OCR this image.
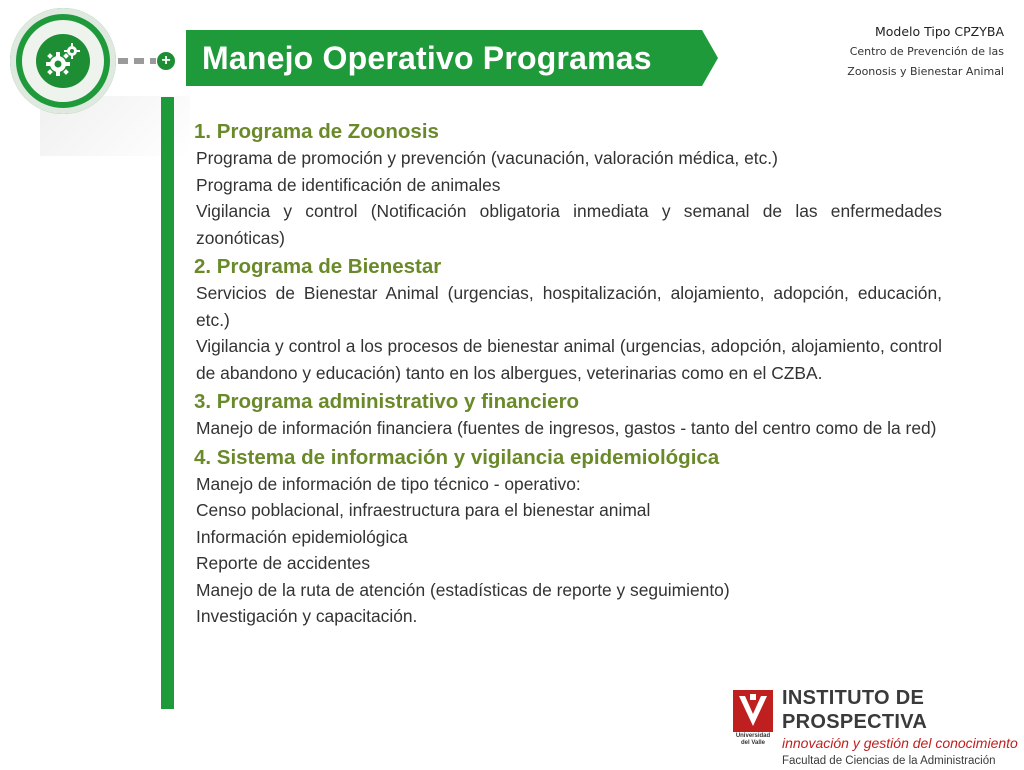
+ Manejo Operativo Programas
Modelo Tipo CPZYBA
Centro de Prevención de las
Zoonosis y Bienestar Animal
1. Programa de Zoonosis
Programa de promoción y prevención (vacunación, valoración médica, etc.)
Programa de identificación de animales
Vigilancia y control (Notificación obligatoria inmediata y semanal de las enfermedades zoonóticas)
2. Programa de Bienestar
Servicios de Bienestar Animal (urgencias, hospitalización, alojamiento, adopción, educación, etc.)
Vigilancia y control a los procesos de bienestar animal (urgencias, adopción, alojamiento, control de abandono y educación) tanto en los albergues, veterinarias como en el CZBA.
3. Programa administrativo y financiero
Manejo de información financiera (fuentes de ingresos, gastos - tanto del centro como de la red)
4. Sistema de información y vigilancia epidemiológica
Manejo de información de tipo técnico - operativo:
Censo poblacional, infraestructura para el bienestar animal
Información epidemiológica
Reporte de accidentes
Manejo de la ruta de atención (estadísticas de reporte y seguimiento)
Investigación y capacitación.
Universidad del Valle
INSTITUTO DE PROSPECTIVA
innovación y gestión del conocimiento
Facultad de Ciencias de la Administración
